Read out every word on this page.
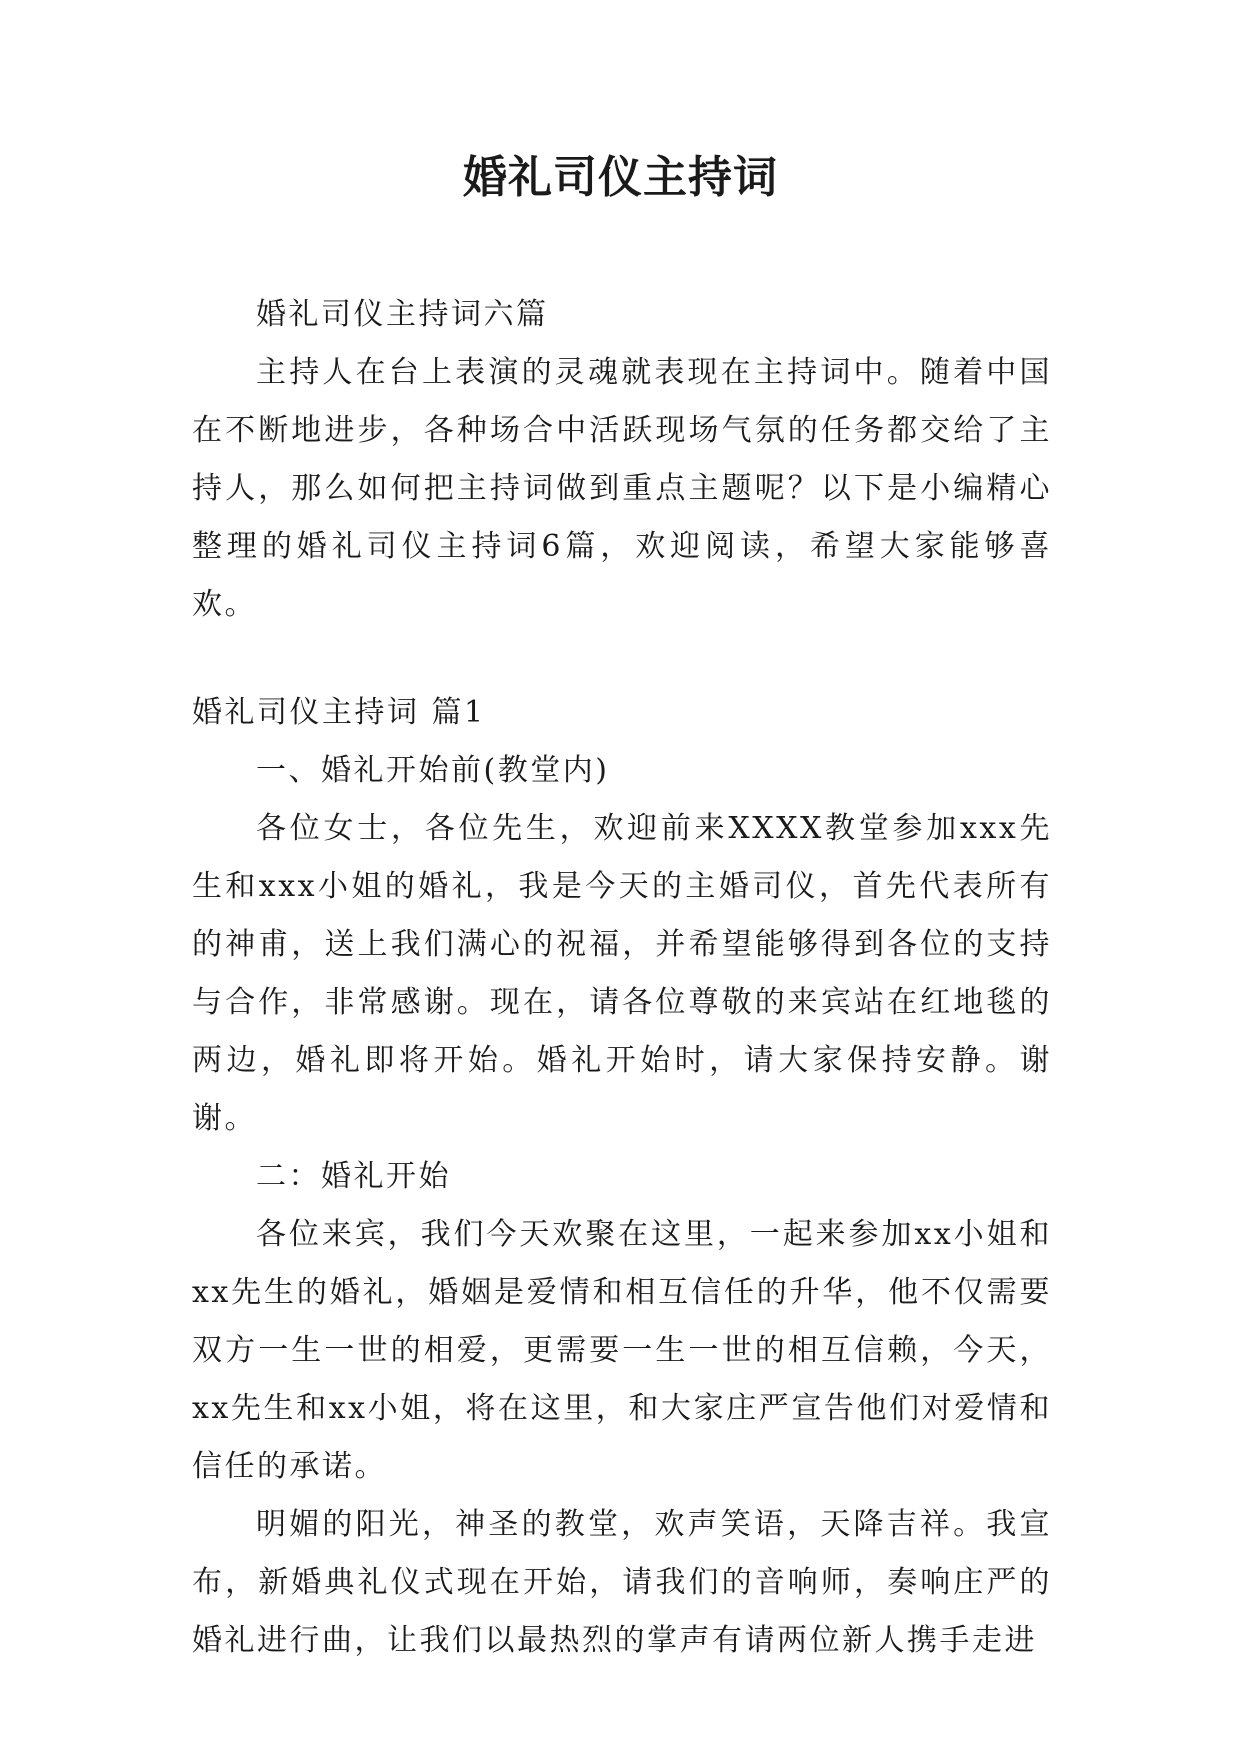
婚礼司仪主持词

婚礼司仪主持词六篇

主持人在台上表演的灵魂就表现在主持词中。随着中国在不断地进步，各种场合中活跃现场气氛的任务都交给了主持人，那么如何把主持词做到重点主题呢？以下是小编精心整理的婚礼司仪主持词6篇，欢迎阅读，希望大家能够喜欢。

婚礼司仪主持词 篇1

一、婚礼开始前(教堂内)

各位女士，各位先生，欢迎前来XXXX教堂参加xxx先生和xxx小姐的婚礼，我是今天的主婚司仪，首先代表所有的神甫，送上我们满心的祝福，并希望能够得到各位的支持与合作，非常感谢。现在，请各位尊敬的来宾站在红地毯的两边，婚礼即将开始。婚礼开始时，请大家保持安静。谢谢。

二：婚礼开始

各位来宾，我们今天欢聚在这里，一起来参加xx小姐和xx先生的婚礼，婚姻是爱情和相互信任的升华，他不仅需要双方一生一世的相爱，更需要一生一世的相互信赖，今天，xx先生和xx小姐，将在这里，和大家庄严宣告他们对爱情和信任的承诺。

明媚的阳光，神圣的教堂，欢声笑语，天降吉祥。我宣布，新婚典礼仪式现在开始，请我们的音响师，奏响庄严的婚礼进行曲，让我们以最热烈的掌声有请两位新人携手走进
